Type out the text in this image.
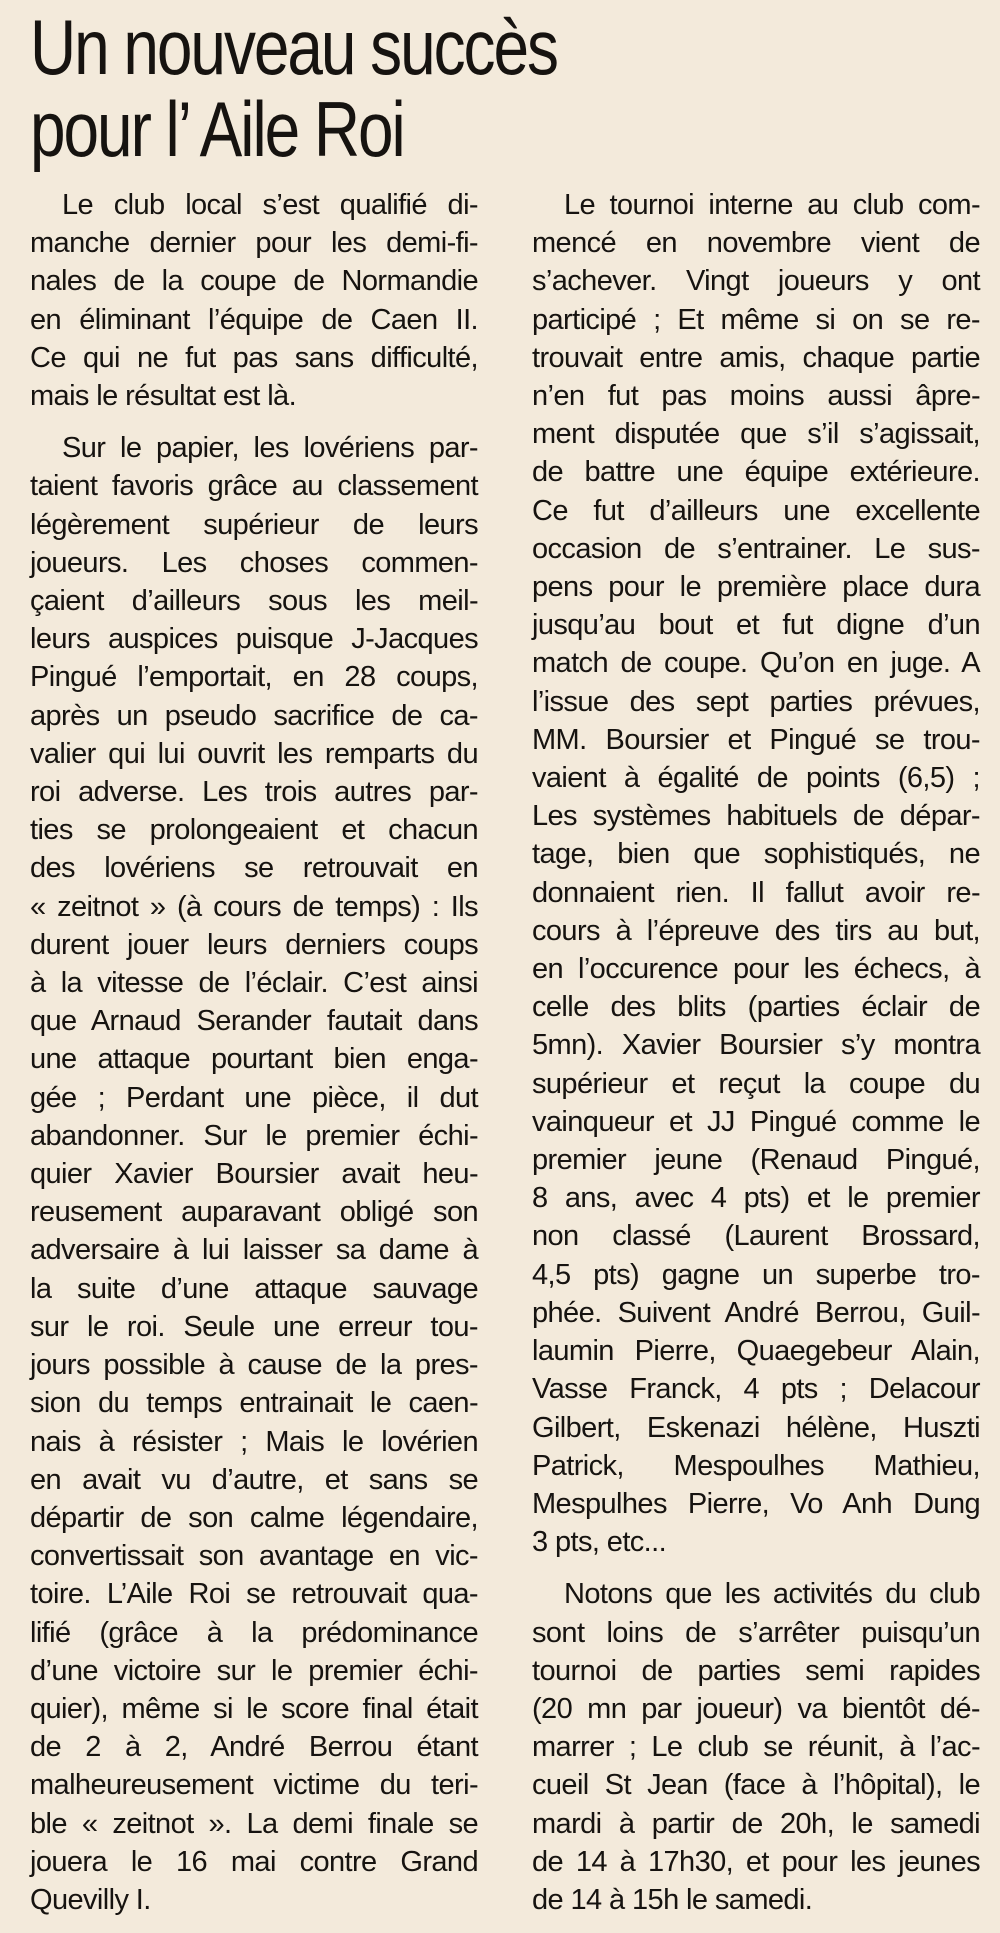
Un nouveau succès
pour l’ Aile Roi
Le club local s’est qualifié di-
manche dernier pour les demi-fi-
nales de la coupe de Normandie
en éliminant l’équipe de Caen II.
Ce qui ne fut pas sans difficulté,
mais le résultat est là.
Sur le papier, les lovériens par-
taient favoris grâce au classement
légèrement supérieur de leurs
joueurs. Les choses commen-
çaient d’ailleurs sous les meil-
leurs auspices puisque J-Jacques
Pingué l’emportait, en 28 coups,
après un pseudo sacrifice de ca-
valier qui lui ouvrit les remparts du
roi adverse. Les trois autres par-
ties se prolongeaient et chacun
des lovériens se retrouvait en
« zeitnot » (à cours de temps) : Ils
durent jouer leurs derniers coups
à la vitesse de l’éclair. C’est ainsi
que Arnaud Serander fautait dans
une attaque pourtant bien enga-
gée ; Perdant une pièce, il dut
abandonner. Sur le premier échi-
quier Xavier Boursier avait heu-
reusement auparavant obligé son
adversaire à lui laisser sa dame à
la suite d’une attaque sauvage
sur le roi. Seule une erreur tou-
jours possible à cause de la pres-
sion du temps entrainait le caen-
nais à résister ; Mais le lovérien
en avait vu d’autre, et sans se
départir de son calme légendaire,
convertissait son avantage en vic-
toire. L’Aile Roi se retrouvait qua-
lifié (grâce à la prédominance
d’une victoire sur le premier échi-
quier), même si le score final était
de 2 à 2, André Berrou étant
malheureusement victime du teri-
ble « zeitnot ». La demi finale se
jouera le 16 mai contre Grand
Quevilly I.
Le tournoi interne au club com-
mencé en novembre vient de
s’achever. Vingt joueurs y ont
participé ; Et même si on se re-
trouvait entre amis, chaque partie
n’en fut pas moins aussi âpre-
ment disputée que s’il s’agissait,
de battre une équipe extérieure.
Ce fut d’ailleurs une excellente
occasion de s’entrainer. Le sus-
pens pour le première place dura
jusqu’au bout et fut digne d’un
match de coupe. Qu’on en juge. A
l’issue des sept parties prévues,
MM. Boursier et Pingué se trou-
vaient à égalité de points (6,5) ;
Les systèmes habituels de dépar-
tage, bien que sophistiqués, ne
donnaient rien. Il fallut avoir re-
cours à l’épreuve des tirs au but,
en l’occurence pour les échecs, à
celle des blits (parties éclair de
5mn). Xavier Boursier s’y montra
supérieur et reçut la coupe du
vainqueur et JJ Pingué comme le
premier jeune (Renaud Pingué,
8 ans, avec 4 pts) et le premier
non classé (Laurent Brossard,
4,5 pts) gagne un superbe tro-
phée. Suivent André Berrou, Guil-
laumin Pierre, Quaegebeur Alain,
Vasse Franck, 4 pts ; Delacour
Gilbert, Eskenazi hélène, Huszti
Patrick, Mespoulhes Mathieu,
Mespulhes Pierre, Vo Anh Dung
3 pts, etc...
Notons que les activités du club
sont loins de s’arrêter puisqu’un
tournoi de parties semi rapides
(20 mn par joueur) va bientôt dé-
marrer ; Le club se réunit, à l’ac-
cueil St Jean (face à l’hôpital), le
mardi à partir de 20h, le samedi
de 14 à 17h30, et pour les jeunes
de 14 à 15h le samedi.
